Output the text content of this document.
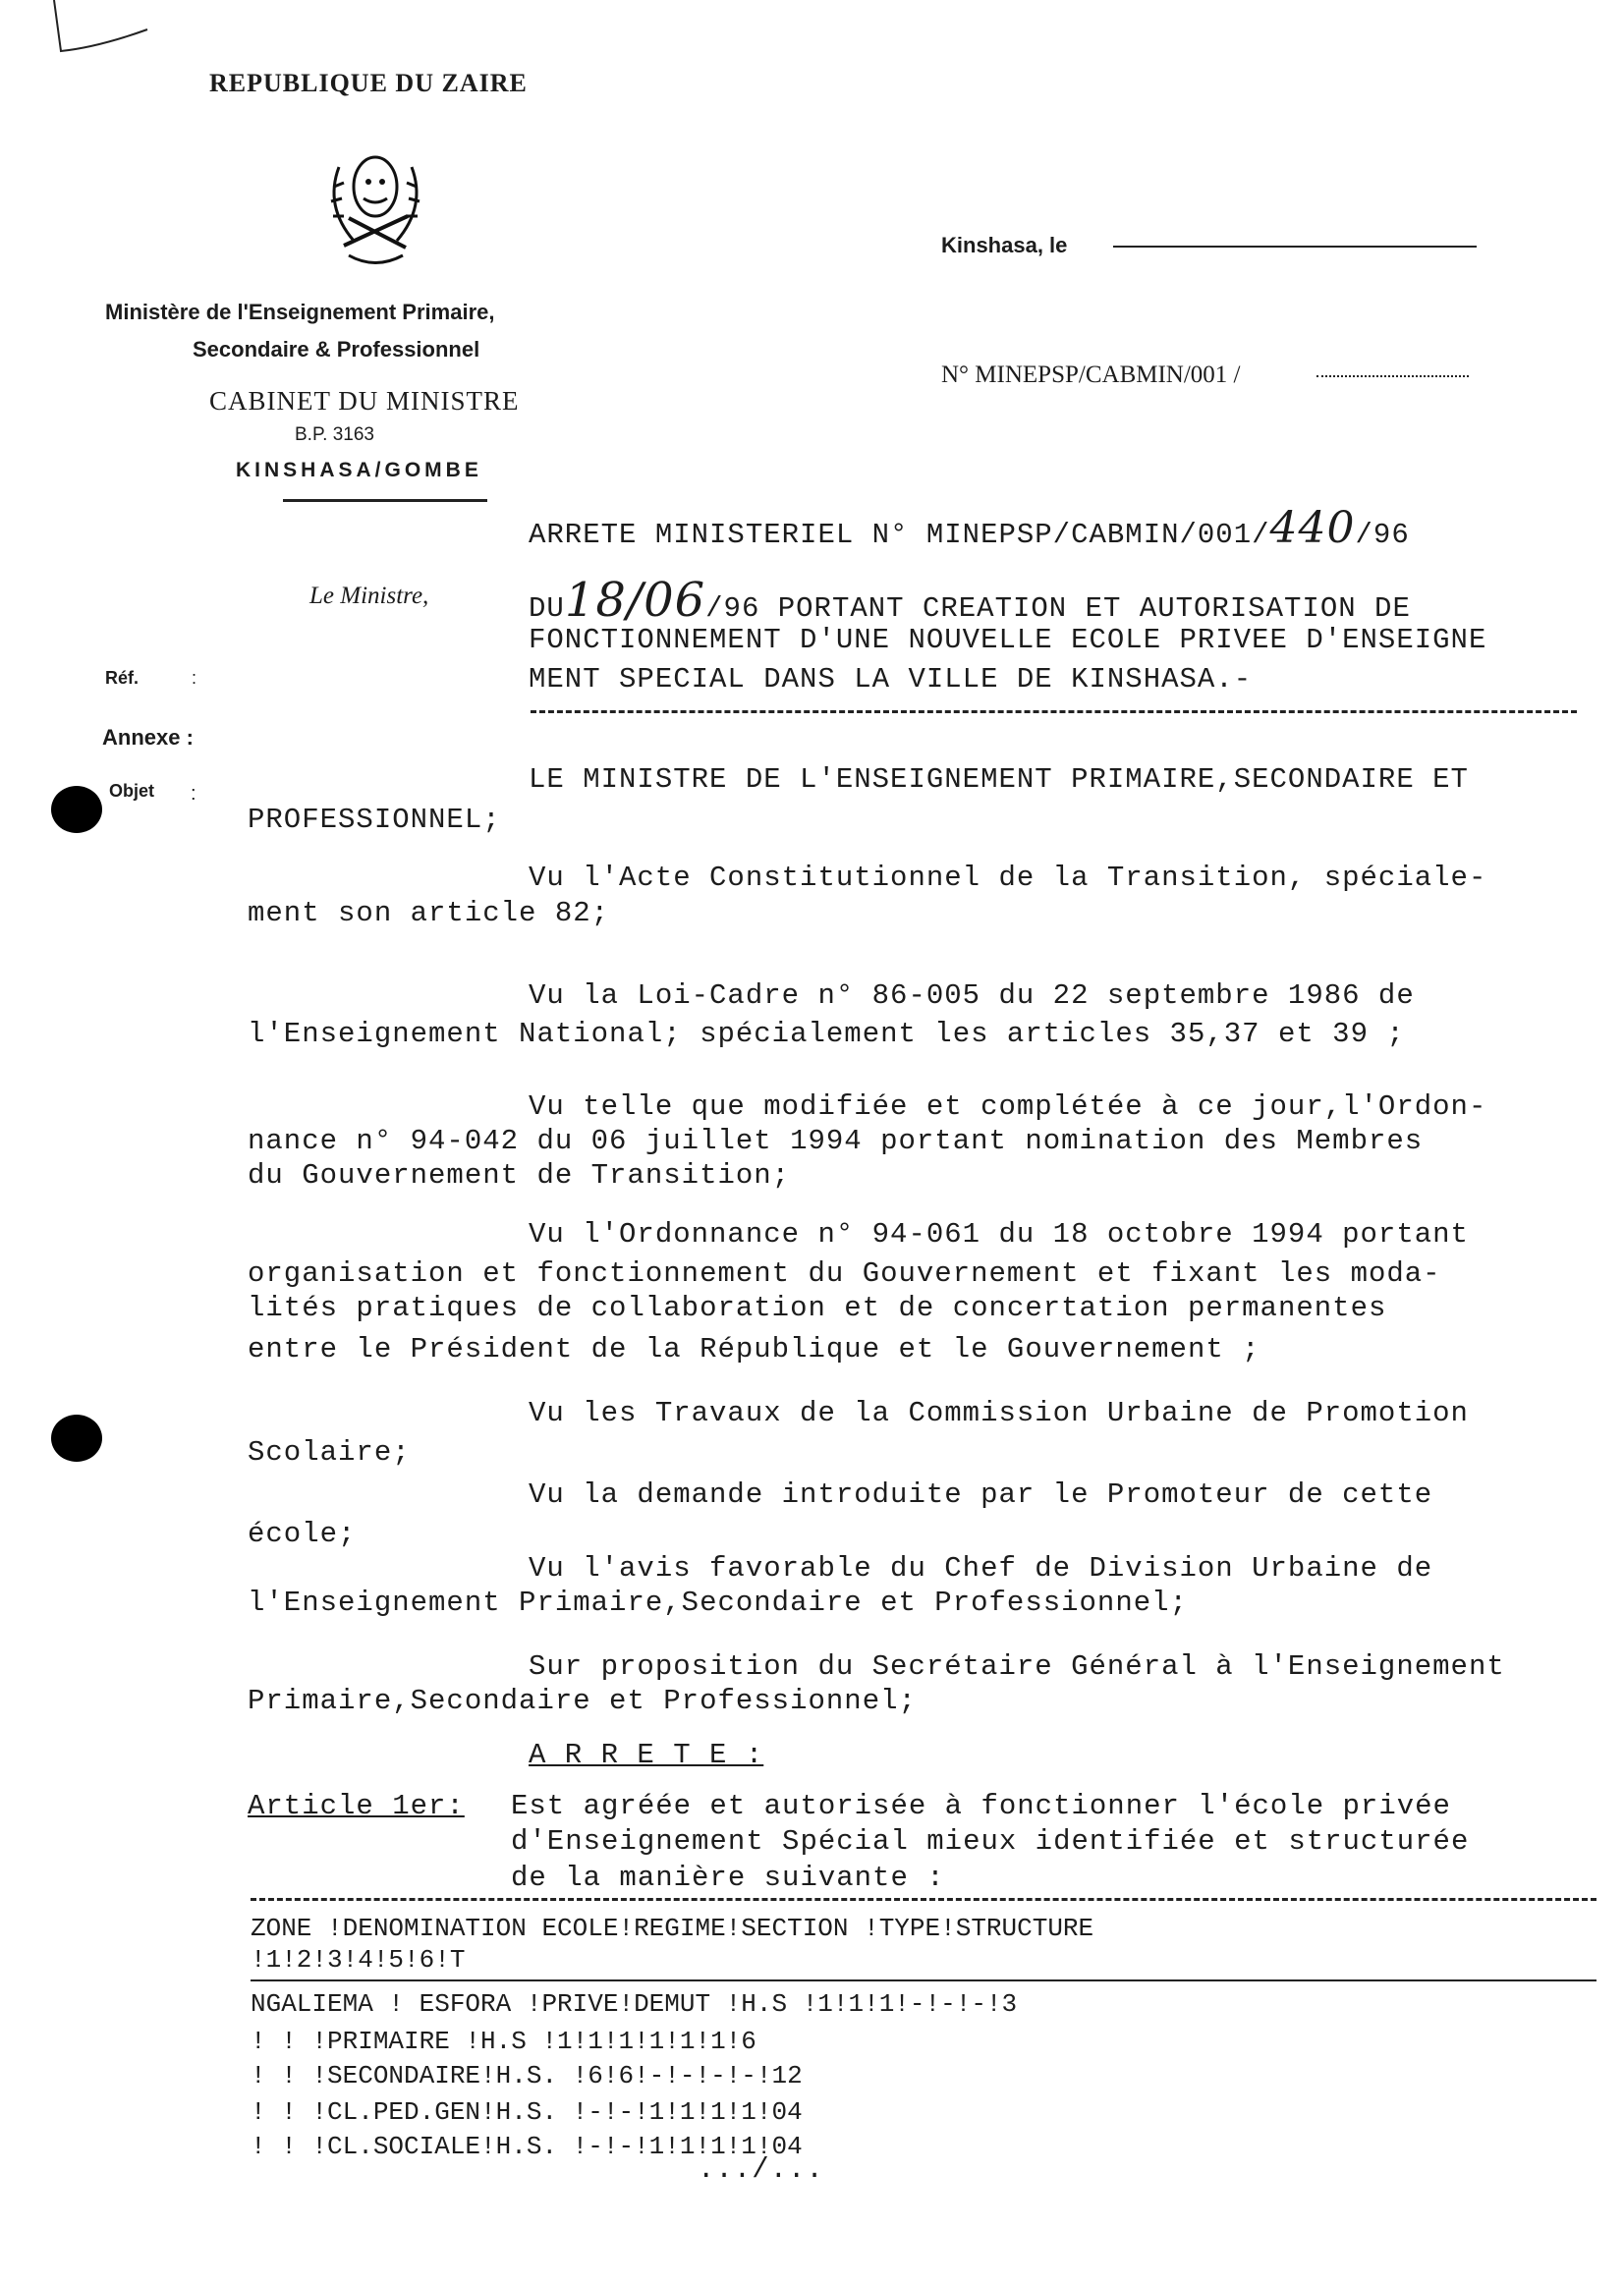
REPUBLIQUE DU ZAIRE
Ministère de l'Enseignement Primaire,
Secondaire & Professionnel
CABINET DU MINISTRE
B.P. 3163
KINSHASA/GOMBE
Le Ministre,
Réf.	:
Annexe :
Objet :
Kinshasa, le
N° MINEPSP/CABMIN/001 /
ARRETE MINISTERIEL N° MINEPSP/CABMIN/001/440/96
DU18/06/96 PORTANT CREATION ET AUTORISATION DE
FONCTIONNEMENT D'UNE NOUVELLE ECOLE PRIVEE D'ENSEIGNE
MENT SPECIAL DANS LA VILLE DE KINSHASA.-
LE MINISTRE DE L'ENSEIGNEMENT PRIMAIRE,SECONDAIRE ET
PROFESSIONNEL;
Vu l'Acte Constitutionnel de la Transition, spéciale-
ment son article 82;
Vu la Loi-Cadre n° 86-005 du 22 septembre 1986 de
l'Enseignement National; spécialement les articles 35,37 et 39 ;
Vu telle que modifiée et complétée à ce jour,l'Ordon-
nance n° 94-042 du 06 juillet 1994 portant nomination des Membres
du Gouvernement de Transition;
Vu l'Ordonnance n° 94-061 du 18 octobre 1994 portant
organisation et fonctionnement du Gouvernement et fixant les moda-
lités pratiques de collaboration et de concertation permanentes
entre le Président de la République et le Gouvernement ;
Vu les Travaux de la Commission Urbaine de Promotion
Scolaire;
Vu la demande introduite par le Promoteur de cette
école;
Vu l'avis favorable du Chef de Division Urbaine de
l'Enseignement Primaire,Secondaire et Professionnel;
Sur proposition du Secrétaire Général à l'Enseignement
Primaire,Secondaire et Professionnel;
A R R E T E :
Article 1er: Est agréée et autorisée à fonctionner l'école privée
d'Enseignement Spécial mieux identifiée et structurée
de la manière suivante :
ZONE !DENOMINATION ECOLE!REGIME!SECTION !TYPE!STRUCTURE
!1!2!3!4!5!6!T
NGALIEMA ! ESFORA !PRIVE!DEMUT !H.S !1!1!1!-!-!-!3
! ! !PRIMAIRE !H.S !1!1!1!1!1!1!6
! ! !SECONDAIRE!H.S. !6!6!-!-!-!-!12
! ! !CL.PED.GEN!H.S. !-!-!1!1!1!1!04
! ! !CL.SOCIALE!H.S. !-!-!1!1!1!1!04
.../...
